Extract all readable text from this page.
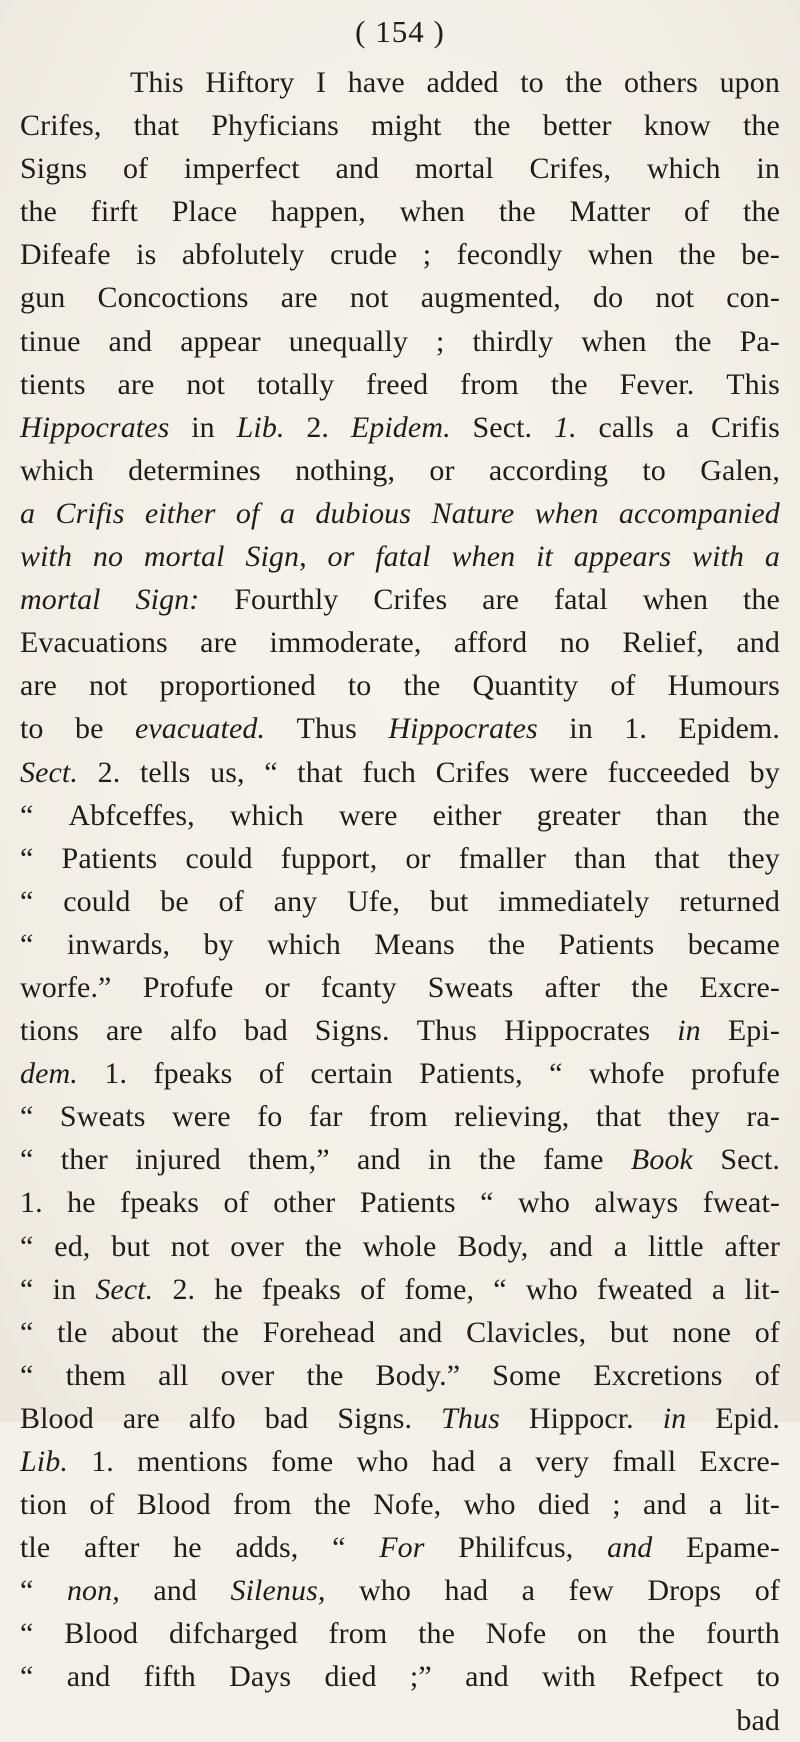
( 154 )
This Hiftory I have added to the others upon
Crifes, that Phyficians might the better know the
Signs of imperfect and mortal Crifes, which in
the firft Place happen, when the Matter of the
Difeafe is abfolutely crude ; fecondly when the be-
gun Concoctions are not augmented, do not con-
tinue and appear unequally ; thirdly when the Pa-
tients are not totally freed from the Fever. This
Hippocrates in Lib. 2. Epidem. Sect. 1. calls a Crifis
which determines nothing, or according to Galen,
a Crifis either of a dubious Nature when accompanied
with no mortal Sign, or fatal when it appears with a
mortal Sign: Fourthly Crifes are fatal when the
Evacuations are immoderate, afford no Relief, and
are not proportioned to the Quantity of Humours
to be evacuated. Thus Hippocrates in 1. Epidem.
Sect. 2. tells us, “ that fuch Crifes were fucceeded by
“ Abfceffes, which were either greater than the
“ Patients could fupport, or fmaller than that they
“ could be of any Ufe, but immediately returned
“ inwards, by which Means the Patients became
worfe.” Profufe or fcanty Sweats after the Excre-
tions are alfo bad Signs. Thus Hippocrates in Epi-
dem. 1. fpeaks of certain Patients, “ whofe profufe
“ Sweats were fo far from relieving, that they ra-
“ ther injured them,” and in the fame Book Sect.
1. he fpeaks of other Patients “ who always fweat-
“ ed, but not over the whole Body, and a little after
“ in Sect. 2. he fpeaks of fome, “ who fweated a lit-
“ tle about the Forehead and Clavicles, but none of
“ them all over the Body.” Some Excretions of
Blood are alfo bad Signs. Thus Hippocr. in Epid.
Lib. 1. mentions fome who had a very fmall Excre-
tion of Blood from the Nofe, who died ; and a lit-
tle after he adds, “ For Philifcus, and Epame-
“ non, and Silenus, who had a few Drops of
“ Blood difcharged from the Nofe on the fourth
“ and fifth Days died ;” and with Refpect to
bad
